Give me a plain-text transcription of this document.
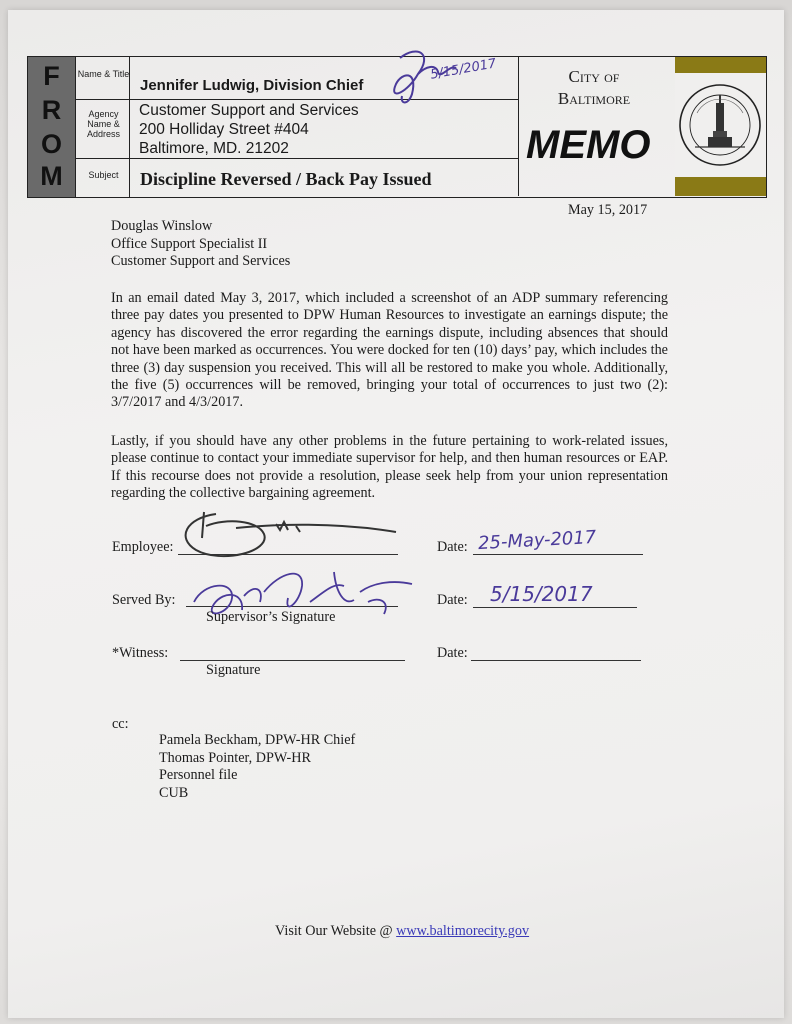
F
R
O
M
Name & Title
Agency Name & Address
Subject
Jennifer Ludwig, Division Chief
Customer Support and Services
200 Holliday Street #404
Baltimore, MD. 21202
Discipline Reversed / Back Pay Issued
City of
Baltimore
MEMO
5/15/2017
May 15, 2017
Douglas Winslow
Office Support Specialist II
Customer Support and Services
In an email dated May 3, 2017, which included a screenshot of an ADP summary referencing three pay dates you presented to DPW Human Resources to investigate an earnings dispute; the agency has discovered the error regarding the earnings dispute, including absences that should not have been marked as occurrences. You were docked for ten (10) days’ pay, which includes the three (3) day suspension you received. This will all be restored to make you whole. Additionally, the five (5) occurrences will be removed, bringing your total of occurrences to just two (2): 3/7/2017 and 4/3/2017.
Lastly, if you should have any other problems in the future pertaining to work-related issues, please continue to contact your immediate supervisor for help, and then human resources or EAP. If this recourse does not provide a resolution, please seek help from your union representation regarding the collective bargaining agreement.
Employee:	Date: 25-May-2017
Served By:
Supervisor’s Signature
Date: 5/15/2017
*Witness:
Signature
Date:
cc:
Pamela Beckham, DPW-HR Chief
Thomas Pointer, DPW-HR
Personnel file
CUB
Visit Our Website @ www.baltimorecity.gov
